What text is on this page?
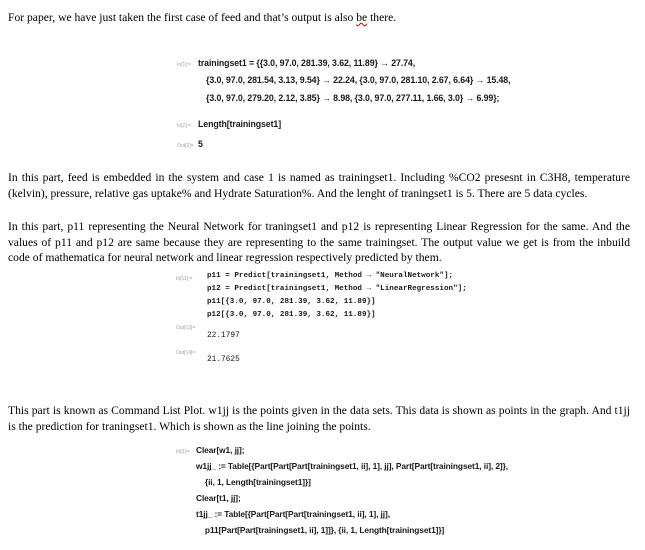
For paper, we have just taken the first case of feed and that’s output is also be there.
In[1]:= trainingset1 = {{3.0, 97.0, 281.39, 3.62, 11.89} → 27.74,
{3.0, 97.0, 281.54, 3.13, 9.54} → 22.24, {3.0, 97.0, 281.10, 2.67, 6.64} → 15.48,
{3.0, 97.0, 279.20, 2.12, 3.85} → 8.98, {3.0, 97.0, 277.11, 1.66, 3.0} → 6.99};
In[2]:= Length[trainingset1]
Out[2]= 5
In this part, feed is embedded in the system and case 1 is named as trainingset1. Including %CO2 presesnt in C3H8, temperature (kelvin), pressure, relative gas uptake% and Hydrate Saturation%. And the lenght of traningset1 is 5. There are 5 data cycles.
In this part, p11 representing the Neural Network for traningset1 and p12 is representing Linear Regression for the same. And the values of p11 and p12 are same because they are representing to the same trainingset. The output value we get is from the inbuild code of mathematica for neural network and linear regression respectively predicted by them.
In[11]:= p11 = Predict[trainingset1, Method → "NeuralNetwork"];
p12 = Predict[trainingset1, Method → "LinearRegression"];
p11[{3.0, 97.0, 281.39, 3.62, 11.89}]
p12[{3.0, 97.0, 281.39, 3.62, 11.89}]
Out[13]=
22.1797
Out[14]=
21.7625
This part is known as Command List Plot. w1jj is the points given in the data sets. This data is shown as points in the graph. And t1jj is the prediction for traningset1. Which is shown as the line joining the points.
In[3]:= Clear[w1, jj];
w1jj_ := Table[{Part[Part[Part[trainingset1, ii], 1], jj], Part[Part[trainingset1, ii], 2]},
{ii, 1, Length[trainingset1]}]
Clear[t1, jj];
t1jj_ := Table[{Part[Part[Part[trainingset1, ii], 1], jj],
p11[Part[Part[trainingset1, ii], 1]]}, {ii, 1, Length[trainingset1]}]
